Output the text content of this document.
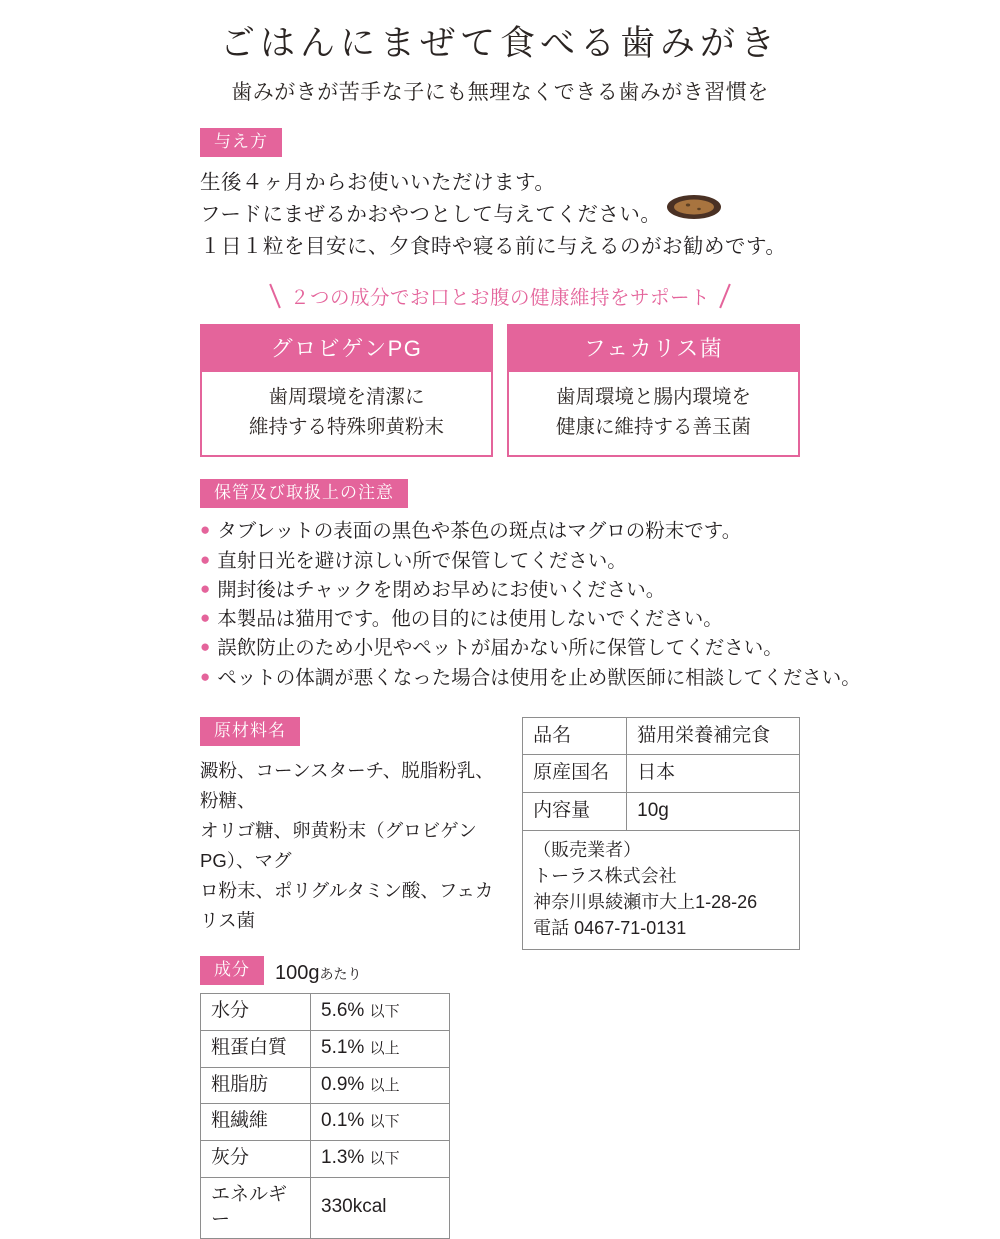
ごはんにまぜて食べる歯みがき
歯みがきが苦手な子にも無理なくできる歯みがき習慣を
与え方
生後４ヶ月からお使いいただけます。
フードにまぜるかおやつとして与えてください。
１日１粒を目安に、夕食時や寝る前に与えるのがお勧めです。
２つの成分でお口とお腹の健康維持をサポート
グロビゲンPG
歯周環境を清潔に
維持する特殊卵黄粉末
フェカリス菌
歯周環境と腸内環境を
健康に維持する善玉菌
保管及び取扱上の注意
● タブレットの表面の黒色や茶色の斑点はマグロの粉末です。
● 直射日光を避け涼しい所で保管してください。
● 開封後はチャックを閉めお早めにお使いください。
● 本製品は猫用です。他の目的には使用しないでください。
● 誤飲防止のため小児やペットが届かない所に保管してください。
● ペットの体調が悪くなった場合は使用を止め獣医師に相談してください。
原材料名
澱粉、コーンスターチ、脱脂粉乳、粉糖、
オリゴ糖、卵黄粉末（グロビゲンPG）、マグ
ロ粉末、ポリグルタミン酸、フェカリス菌
成分	100gあたり
水分	5.6% 以下
粗蛋白質	5.1% 以上
粗脂肪	0.9% 以上
粗繊維	0.1% 以下
灰分	1.3% 以下
エネルギー	330kcal
品名	猫用栄養補完食
原産国名	日本
内容量	10g
（販売業者）
トーラス株式会社
神奈川県綾瀬市大上1-28-26
電話 0467-71-0131
